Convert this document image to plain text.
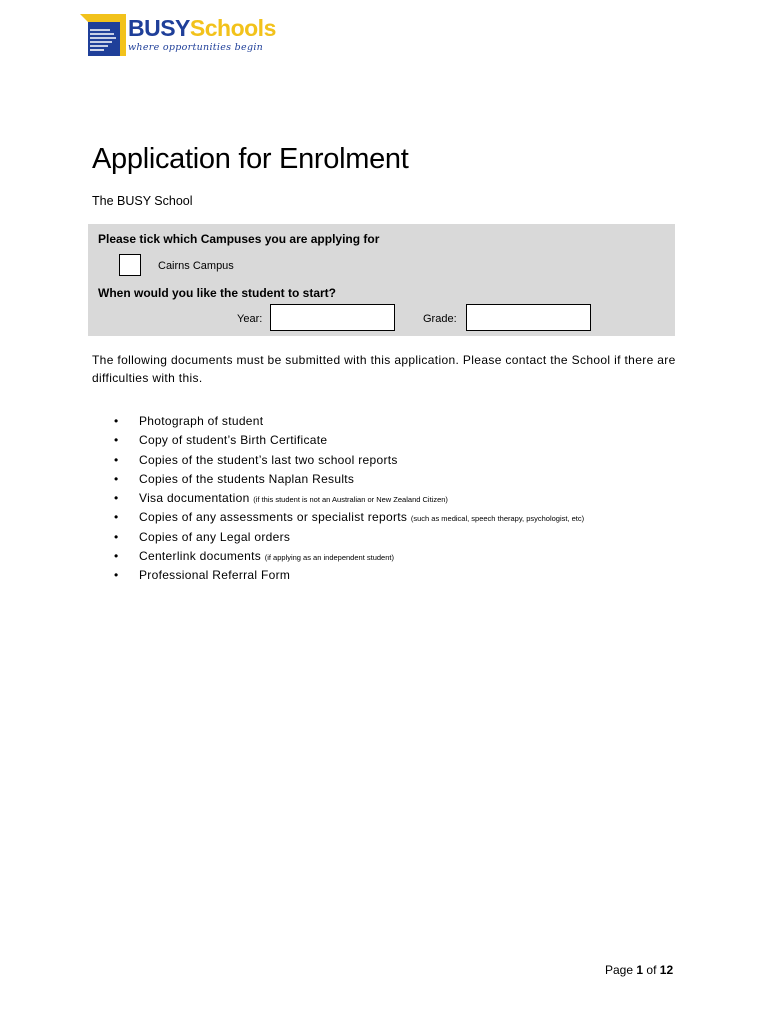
BUSYSchools
where opportunities begin
Application for Enrolment
The BUSY School
Please tick which Campuses you are applying for
Cairns Campus
When would you like the student to start?
Year:	Grade:

The following documents must be submitted with this application. Please contact the School if there are difficulties with this.

• Photograph of student
• Copy of student’s Birth Certificate
• Copies of the student’s last two school reports
• Copies of the students Naplan Results
• Visa documentation (if this student is not an Australian or New Zealand Citizen)
• Copies of any assessments or specialist reports (such as medical, speech therapy, psychologist, etc)
• Copies of any Legal orders
• Centerlink documents (if applying as an independent student)
• Professional Referral Form
Page 1 of 12
